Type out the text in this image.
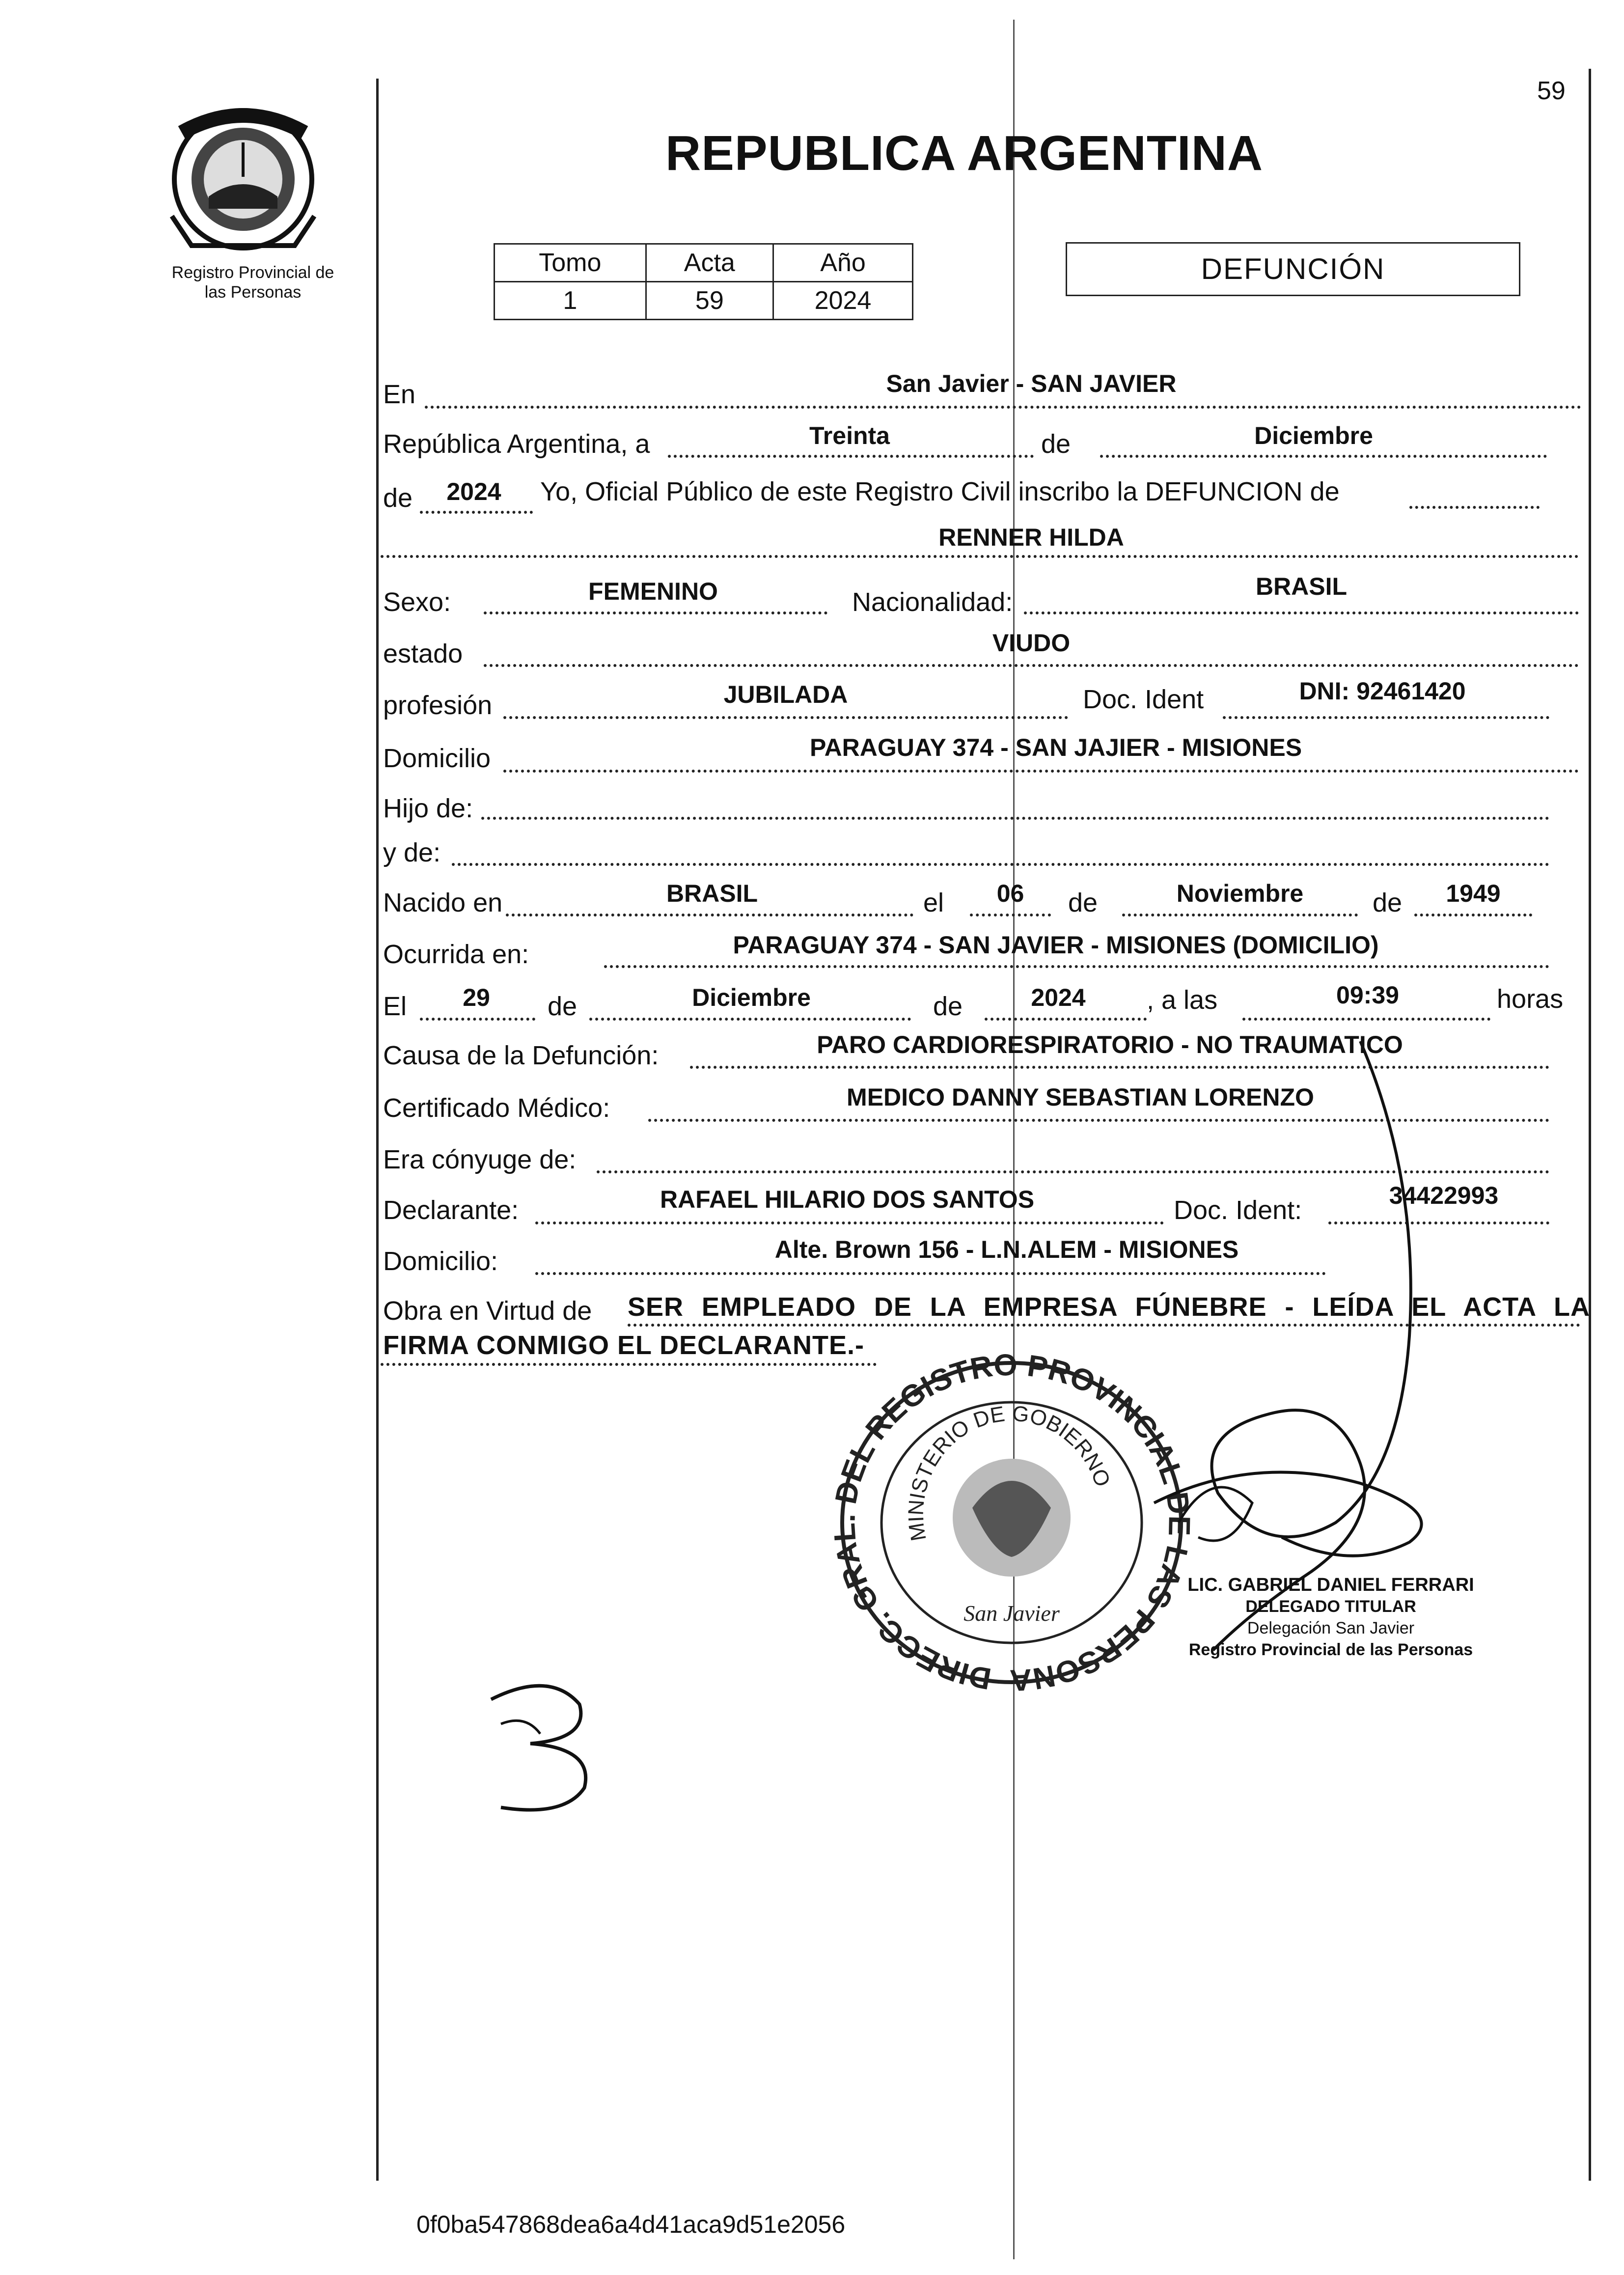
59
Registro Provincial de
las Personas
REPUBLICA ARGENTINA
Tomo	Acta	Año
1	59	2024
DEFUNCIÓN
En	San Javier - SAN JAVIER
República Argentina, a	Treinta	de	Diciembre
de	2024	Yo, Oficial Público de este Registro Civil inscribo la DEFUNCION de
RENNER HILDA
Sexo:	FEMENINO	Nacionalidad:
BRASIL
estado	VIUDO
profesión	JUBILADA	Doc. Ident	DNI: 92461420
Domicilio	PARAGUAY 374 - SAN JAJIER - MISIONES
Hijo de:
y de:
Nacido en	BRASIL	el	06	de	Noviembre	de	1949
Ocurrida en:	PARAGUAY 374 - SAN JAVIER - MISIONES (DOMICILIO)
El	29	de	Diciembre	de	2024	, a las	09:39	horas
Causa de la Defunción:	PARO CARDIORESPIRATORIO - NO TRAUMATICO
Certificado Médico:	MEDICO DANNY SEBASTIAN LORENZO
Era cónyuge de:
Declarante:	RAFAEL HILARIO DOS SANTOS	Doc. Ident:	34422993
Domicilio:	Alte. Brown 156 - L.N.ALEM - MISIONES
Obra en Virtud de SER EMPLEADO DE LA EMPRESA FÚNEBRE - LEÍDA EL ACTA LA
FIRMA CONMIGO EL DECLARANTE.-
DIRECC. GRAL. DEL REGISTRO PROVINCIAL DE LAS PERSONA
MINISTERIO DE GOBIERNO
San Javier
LIC. GABRIEL DANIEL FERRARI
DELEGADO TITULAR
Delegación San Javier
Registro Provincial de las Personas
0f0ba547868dea6a4d41aca9d51e2056
